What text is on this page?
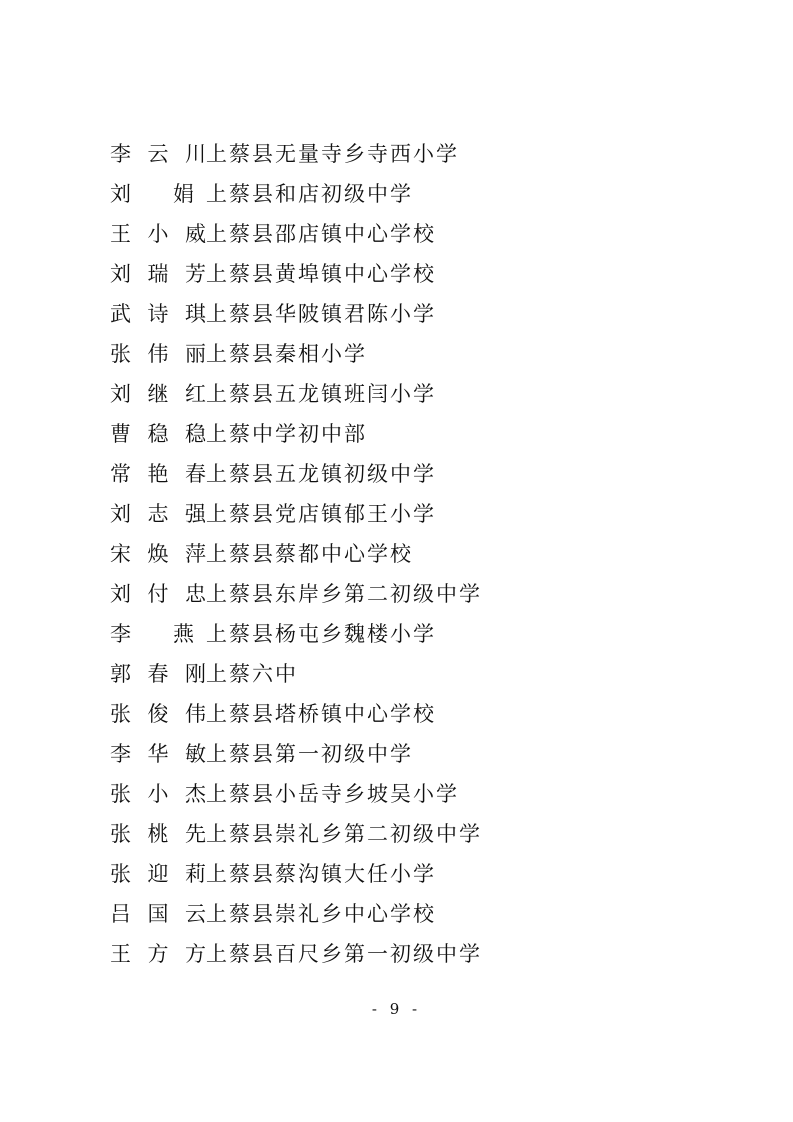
李云川 上蔡县无量寺乡寺西小学
刘 娟 上蔡县和店初级中学
王小威 上蔡县邵店镇中心学校
刘瑞芳 上蔡县黄埠镇中心学校
武诗琪 上蔡县华陂镇君陈小学
张伟丽 上蔡县秦相小学
刘继红 上蔡县五龙镇班闫小学
曹稳稳 上蔡中学初中部
常艳春 上蔡县五龙镇初级中学
刘志强 上蔡县党店镇郁王小学
宋焕萍 上蔡县蔡都中心学校
刘付忠 上蔡县东岸乡第二初级中学
李 燕 上蔡县杨屯乡魏楼小学
郭春刚 上蔡六中
张俊伟 上蔡县塔桥镇中心学校
李华敏 上蔡县第一初级中学
张小杰 上蔡县小岳寺乡坡吴小学
张桃先 上蔡县崇礼乡第二初级中学
张迎莉 上蔡县蔡沟镇大任小学
吕国云 上蔡县崇礼乡中心学校
王方方 上蔡县百尺乡第一初级中学
- 9 -
